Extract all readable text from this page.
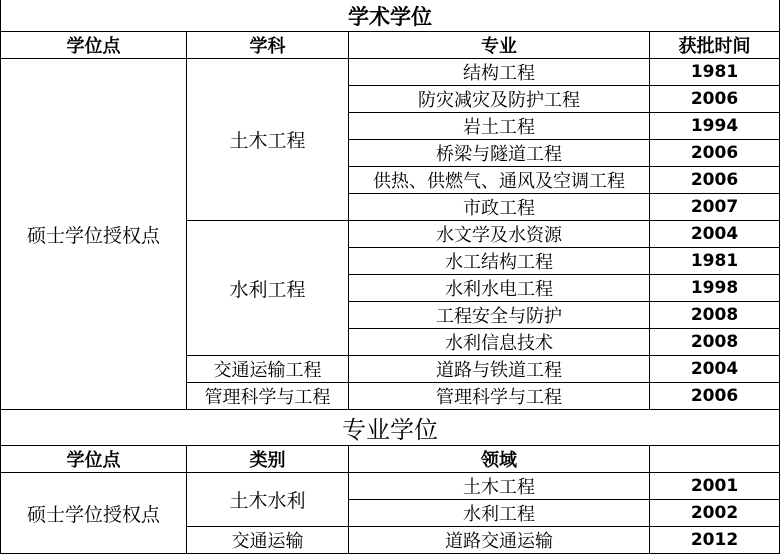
学术学位			
学位点	学科	专业	获批时间
硕士学位授权点	土木工程	结构工程	1981
		防灾减灾及防护工程	2006
		岩土工程	1994
		桥梁与隧道工程	2006
		供热、供燃气、通风及空调工程	2006
		市政工程	2007
	水利工程	水文学及水资源	2004
		水工结构工程	1981
		水利水电工程	1998
		工程安全与防护	2008
		水利信息技术	2008
	交通运输工程	道路与铁道工程	2004
	管理科学与工程	管理科学与工程	2006
专业学位			
学位点	类别	领域	
硕士学位授权点	土木水利	土木工程	2001
		水利工程	2002
	交通运输	道路交通运输	2012
